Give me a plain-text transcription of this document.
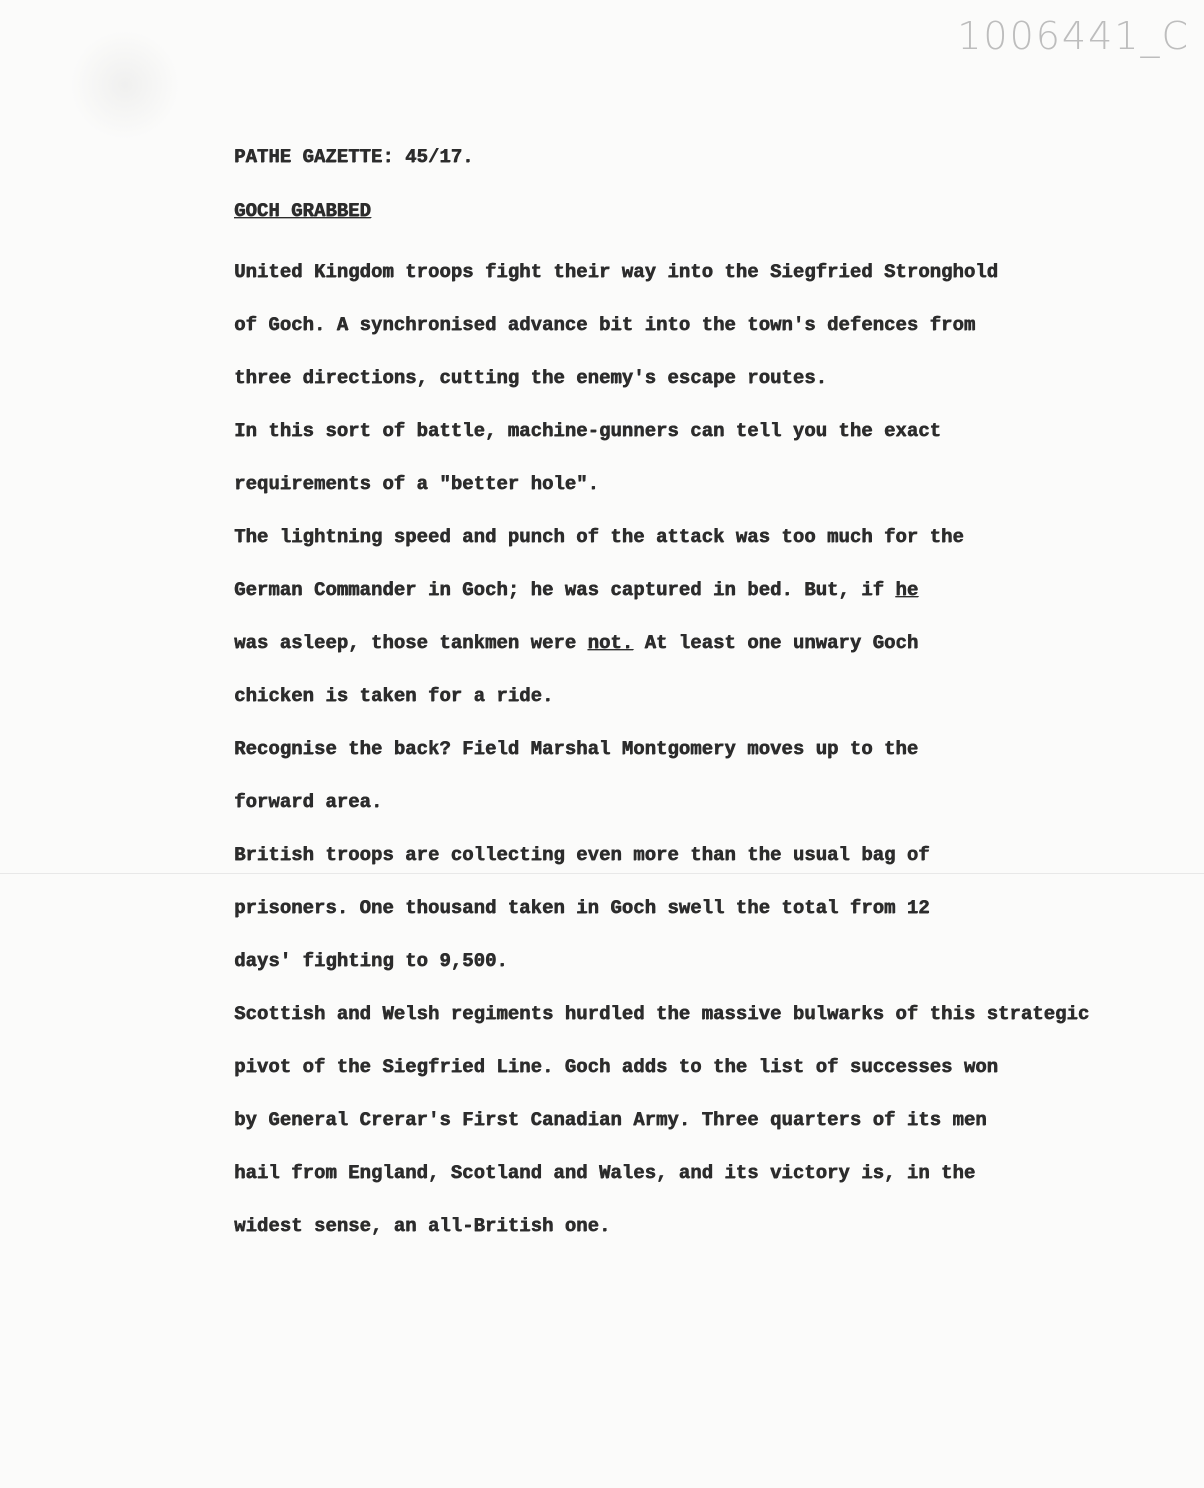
1006441_C

PATHE GAZETTE: 45/17.

GOCH GRABBED

United Kingdom troops fight their way into the Siegfried Stronghold
of Goch. A synchronised advance bit into the town's defences from
three directions, cutting the enemy's escape routes.
In this sort of battle, machine-gunners can tell you the exact
requirements of a "better hole".
The lightning speed and punch of the attack was too much for the
German Commander in Goch; he was captured in bed. But, if he
was asleep, those tankmen were not. At least one unwary Goch
chicken is taken for a ride.
Recognise the back? Field Marshal Montgomery moves up to the
forward area.
British troops are collecting even more than the usual bag of
prisoners. One thousand taken in Goch swell the total from 12
days' fighting to 9,500.
Scottish and Welsh regiments hurdled the massive bulwarks of this strategic
pivot of the Siegfried Line. Goch adds to the list of successes won
by General Crerar's First Canadian Army. Three quarters of its men
hail from England, Scotland and Wales, and its victory is, in the
widest sense, an all-British one.
